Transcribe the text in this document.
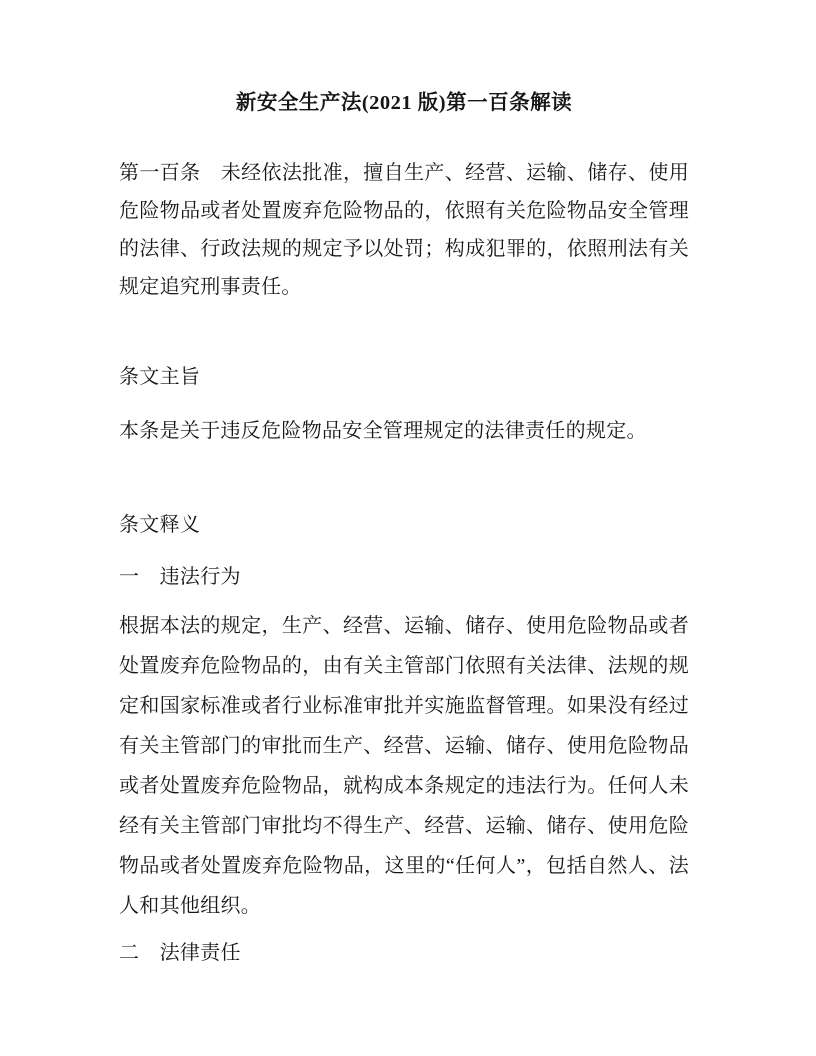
新安全生产法(2021 版)第一百条解读

第一百条　未经依法批准，擅自生产、经营、运输、储存、使用危险物品或者处置废弃危险物品的，依照有关危险物品安全管理的法律、行政法规的规定予以处罚；构成犯罪的，依照刑法有关规定追究刑事责任。

条文主旨

本条是关于违反危险物品安全管理规定的法律责任的规定。

条文释义

一　违法行为

根据本法的规定，生产、经营、运输、储存、使用危险物品或者处置废弃危险物品的，由有关主管部门依照有关法律、法规的规定和国家标准或者行业标准审批并实施监督管理。如果没有经过有关主管部门的审批而生产、经营、运输、储存、使用危险物品或者处置废弃危险物品，就构成本条规定的违法行为。任何人未经有关主管部门审批均不得生产、经营、运输、储存、使用危险物品或者处置废弃危险物品，这里的“任何人”，包括自然人、法人和其他组织。

二　法律责任
